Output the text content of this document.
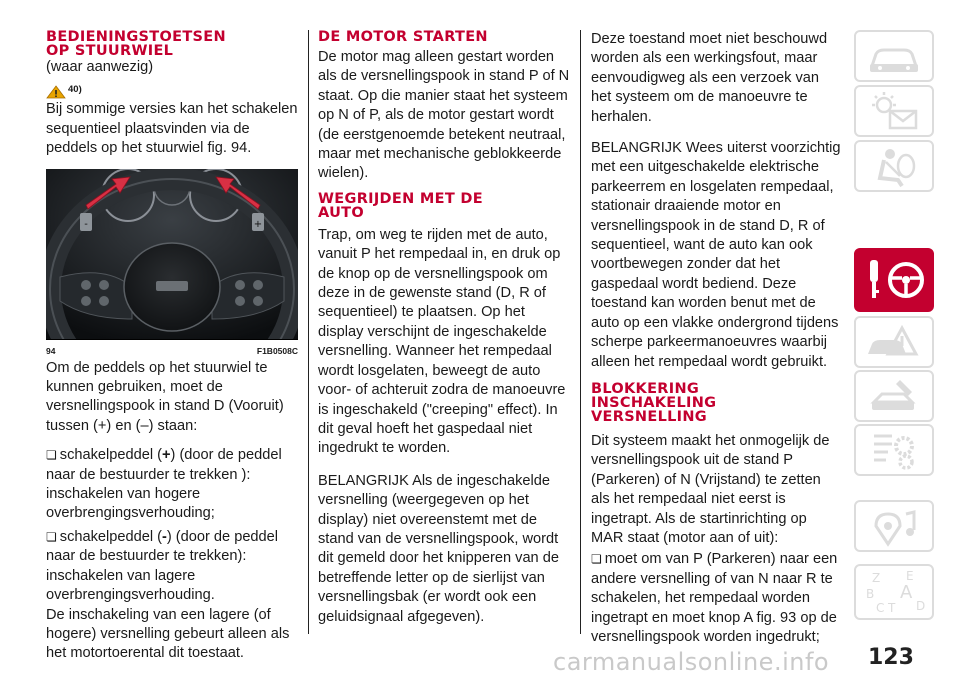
BEDIENINGSTOETSEN
OP STUURWIEL

(waar aanwezig)

40)

Bij sommige versies kan het schakelen sequentieel plaatsvinden via de peddels op het stuurwiel fig. 94.

-	+
94	F1B0508C

Om de peddels op het stuurwiel te kunnen gebruiken, moet de versnellingspook in stand D (Vooruit) tussen (+) en (–) staan:

❏ schakelpeddel (+) (door de peddel naar de bestuurder te trekken ): inschakelen van hogere overbrengingsverhouding;

❏ schakelpeddel (-) (door de peddel naar de bestuurder te trekken): inschakelen van lagere overbrengingsverhouding.

De inschakeling van een lagere (of hogere) versnelling gebeurt alleen als het motortoerental dit toestaat.

DE MOTOR STARTEN

De motor mag alleen gestart worden als de versnellingspook in stand P of N staat. Op die manier staat het systeem op N of P, als de motor gestart wordt (de eerstgenoemde betekent neutraal, maar met mechanische geblokkeerde wielen).

WEGRIJDEN MET DE
AUTO

Trap, om weg te rijden met de auto, vanuit P het rempedaal in, en druk op de knop op de versnellingspook om deze in de gewenste stand (D, R of sequentieel) te plaatsen. Op het display verschijnt de ingeschakelde versnelling. Wanneer het rempedaal wordt losgelaten, beweegt de auto voor- of achteruit zodra de manoeuvre is ingeschakeld ("creeping" effect). In dit geval hoeft het gaspedaal niet ingedrukt te worden.

BELANGRIJK Als de ingeschakelde versnelling (weergegeven op het display) niet overeenstemt met de stand van de versnellingspook, wordt dit gemeld door het knipperen van de betreffende letter op de sierlijst van versnellingsbak (er wordt ook een geluidsignaal afgegeven).

Deze toestand moet niet beschouwd worden als een werkingsfout, maar eenvoudigweg als een verzoek van het systeem om de manoeuvre te herhalen.

BELANGRIJK Wees uiterst voorzichtig met een uitgeschakelde elektrische parkeerrem en losgelaten rempedaal, stationair draaiende motor en versnellingspook in de stand D, R of sequentieel, want de auto kan ook voortbewegen zonder dat het gaspedaal wordt bediend. Deze toestand kan worden benut met de auto op een vlakke ondergrond tijdens scherpe parkeermanoeuvres waarbij alleen het rempedaal wordt gebruikt.

BLOKKERING
INSCHAKELING
VERSNELLING

Dit systeem maakt het onmogelijk de versnellingspook uit de stand P (Parkeren) of N (Vrijstand) te zetten als het rempedaal niet eerst is ingetrapt. Als de startinrichting op MAR staat (motor aan of uit):

❏ moet om van P (Parkeren) naar een andere versnelling of van N naar R te schakelen, het rempedaal worden ingetrapt en moet knop A fig. 93 op de versnellingspook worden ingedrukt;

Z E
B A
C T D
carmanualsonline.info 123
